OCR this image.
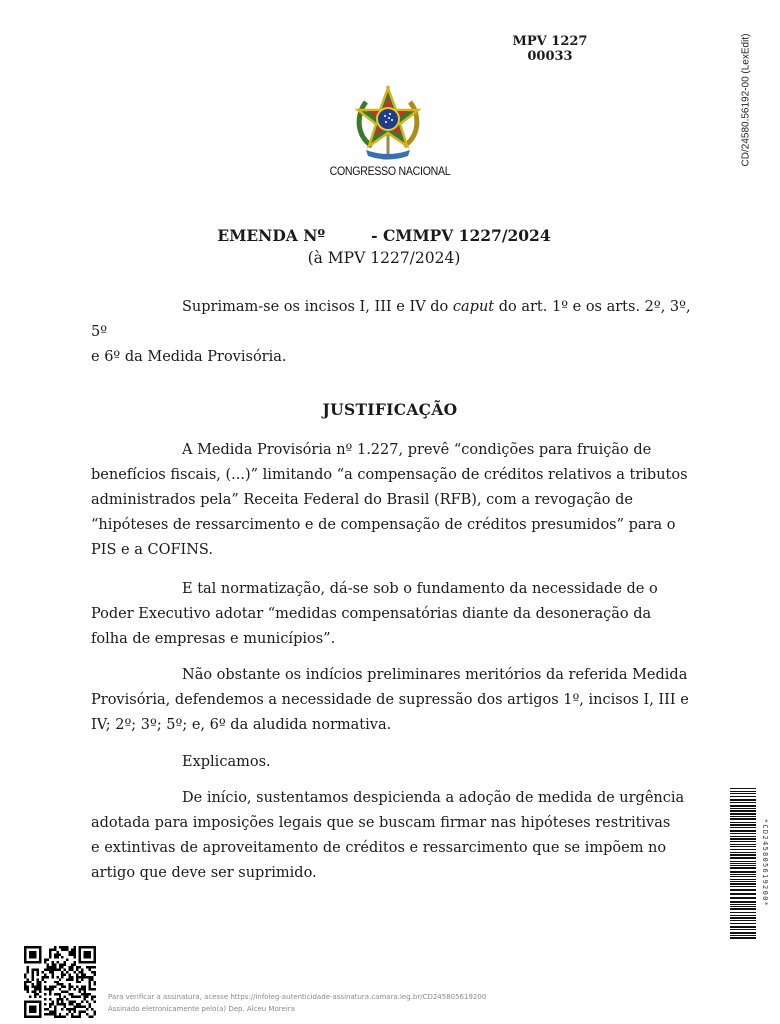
MPV 1227
00033	CD/24580.56192-00 (LexEdit)
CONGRESSO NACIONAL
EMENDA Nº	- CMMPV 1227/2024
(à MPV 1227/2024)
Suprimam-se os incisos I, III e IV do caput do art. 1º e os arts. 2º, 3º, 5º
e 6º da Medida Provisória.
JUSTIFICAÇÃO
A Medida Provisória nº 1.227, prevê “condições para fruição de
benefícios fiscais, (...)” limitando “a compensação de créditos relativos a tributos
administrados pela” Receita Federal do Brasil (RFB), com a revogação de
“hipóteses de ressarcimento e de compensação de créditos presumidos” para o
PIS e a COFINS.
E tal normatização, dá-se sob o fundamento da necessidade de o
Poder Executivo adotar “medidas compensatórias diante da desoneração da
folha de empresas e municípios”.
Não obstante os indícios preliminares meritórios da referida Medida
Provisória, defendemos a necessidade de supressão dos artigos 1º, incisos I, III e
IV; 2º; 3º; 5º; e, 6º da aludida normativa.
Explicamos.
De início, sustentamos despicienda a adoção de medida de urgência
adotada para imposições legais que se buscam firmar nas hipóteses restritivas
e extintivas de aproveitamento de créditos e ressarcimento que se impõem no
artigo que deve ser suprimido.	*CD245805619200*
Para verificar a assinatura, acesse https://infoleg-autenticidade-assinatura.camara.leg.br/CD245805619200
Assinado eletronicamente pelo(a) Dep. Alceu Moreira
